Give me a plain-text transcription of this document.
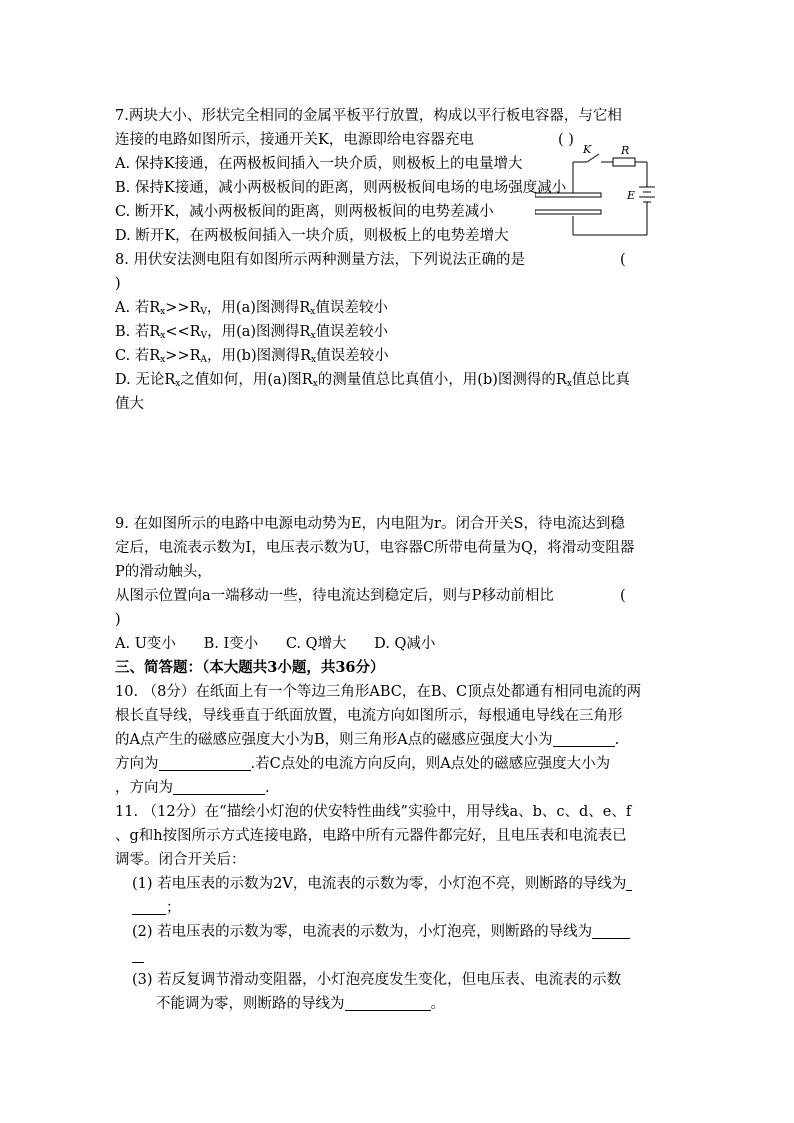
7.两块大小、形状完全相同的金属平板平行放置，构成以平行板电容器，与它相
连接的电路如图所示，接通开关K，电源即给电容器充电	( )
A. 保持K接通，在两极板间插入一块介质，则极板上的电量增大
B. 保持K接通，减小两极板间的距离，则两极板间电场的电场强度减小
C. 断开K，减小两极板间的距离，则两极板间的电势差减小
D. 断开K，在两极板间插入一块介质，则极板上的电势差增大
K	R
E
8. 用伏安法测电阻有如图所示两种测量方法，下列说法正确的是	(
)
A. 若$R_x>>R_V$，用(a)图测得$R_x$值误差较小
B. 若$R_x<<R_V$，用(a)图测得$R_x$值误差较小
C. 若$R_x>>R_A$，用(b)图测得$R_x$值误差较小
D. 无论$R_x$之值如何，用(a)图$R_x$的测量值总比真值小，用(b)图测得的$R_x$值总比真
值大
9. 在如图所示的电路中电源电动势为E，内电阻为r。闭合开关S，待电流达到稳
定后，电流表示数为I，电压表示数为U，电容器C所带电荷量为Q，将滑动变阻器
P的滑动触头，
从图示位置向a一端移动一些，待电流达到稳定后，则与P移动前相比	(
)
A. U变小      B. I变小      C. Q增大      D. Q减小
三、简答题：（本大题共3小题，共36分）
10. （8分）在纸面上有一个等边三角形ABC，在B、C顶点处都通有相同电流的两
根长直导线，导线垂直于纸面放置，电流方向如图所示，每根通电导线在三角形
的A点产生的磁感应强度大小为B，则三角形A点的磁感应强度大小为	.
方向为	.若C点处的电流方向反向，则A点处的磁感应强度大小为
，方向为	.
11. （12分）在“描绘小灯泡的伏安特性曲线”实验中，用导线a、b、c、d、e、f
、g和h按图所示方式连接电路，电路中所有元器件都完好，且电压表和电流表已
调零。闭合开关后：
(1) 若电压表的示数为2V，电流表的示数为零，小灯泡不亮，则断路的导线为
；
(2) 若电压表的示数为零，电流表的示数为，小灯泡亮，则断路的导线为
(3) 若反复调节滑动变阻器，小灯泡亮度发生变化，但电压表、电流表的示数
不能调为零，则断路的导线为	。
